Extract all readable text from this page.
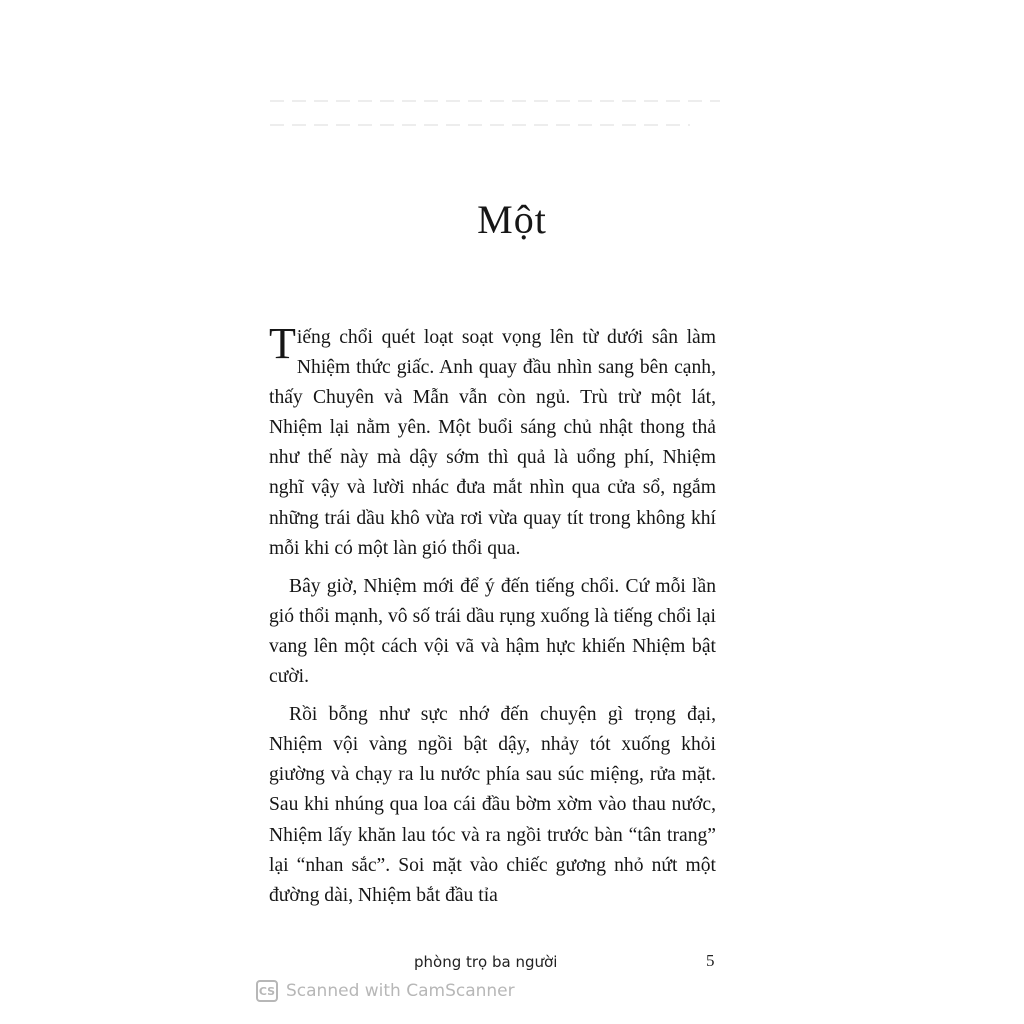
Một

Tiếng chổi quét loạt soạt vọng lên từ dưới sân làm Nhiệm thức giấc. Anh quay đầu nhìn sang bên cạnh, thấy Chuyên và Mẫn vẫn còn ngủ. Trù trừ một lát, Nhiệm lại nằm yên. Một buổi sáng chủ nhật thong thả như thế này mà dậy sớm thì quả là uổng phí, Nhiệm nghĩ vậy và lười nhác đưa mắt nhìn qua cửa sổ, ngắm những trái dầu khô vừa rơi vừa quay tít trong không khí mỗi khi có một làn gió thổi qua.

Bây giờ, Nhiệm mới để ý đến tiếng chổi. Cứ mỗi lần gió thổi mạnh, vô số trái dầu rụng xuống là tiếng chổi lại vang lên một cách vội vã và hậm hực khiến Nhiệm bật cười.

Rồi bỗng như sực nhớ đến chuyện gì trọng đại, Nhiệm vội vàng ngồi bật dậy, nhảy tót xuống khỏi giường và chạy ra lu nước phía sau súc miệng, rửa mặt. Sau khi nhúng qua loa cái đầu bờm xờm vào thau nước, Nhiệm lấy khăn lau tóc và ra ngồi trước bàn “tân trang” lại “nhan sắc”. Soi mặt vào chiếc gương nhỏ nứt một đường dài, Nhiệm bắt đầu tỉa

phòng trọ ba người	5
CS Scanned with CamScanner
